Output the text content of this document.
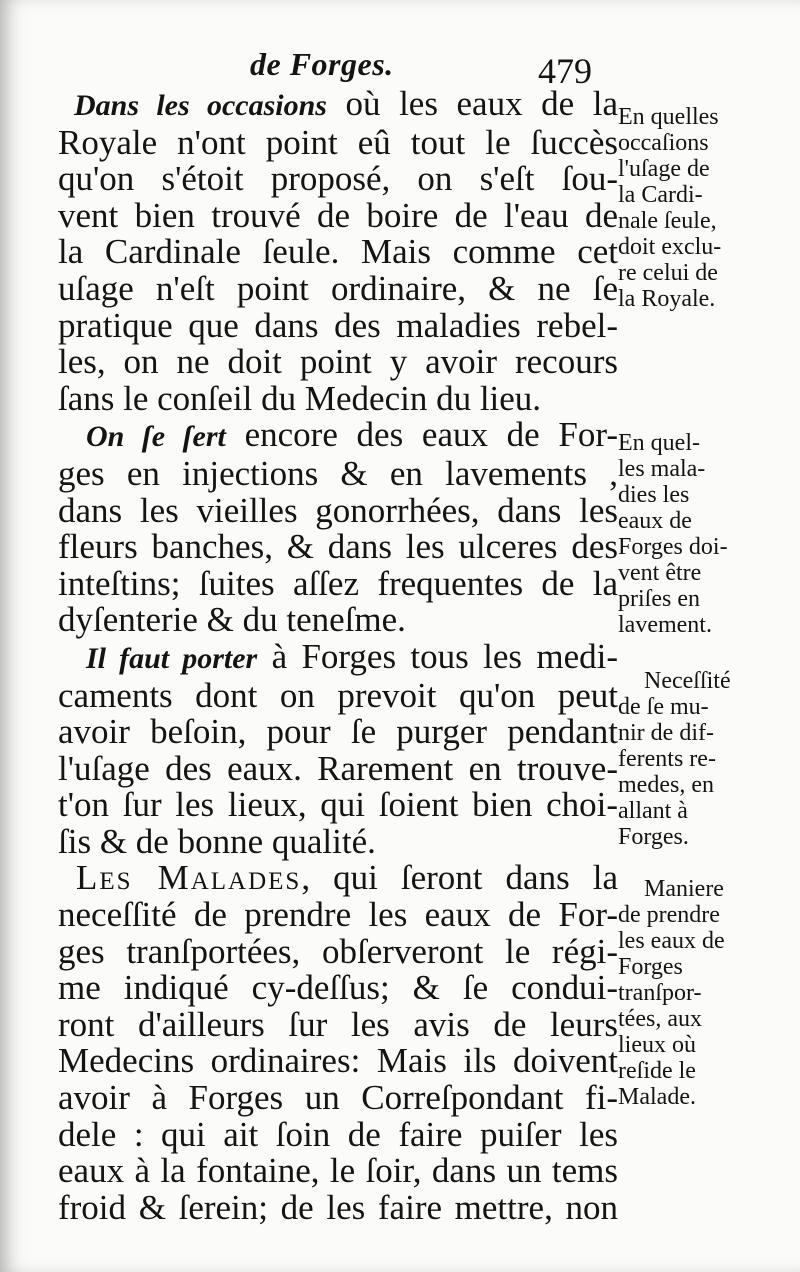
de Forges.	479
Dans les occasions où les eaux de la
Royale n'ont point eû tout le ſuccès
qu'on s'étoit proposé, on s'eſt ſou-
vent bien trouvé de boire de l'eau de
la Cardinale ſeule. Mais comme cet
uſage n'eſt point ordinaire, & ne ſe
pratique que dans des maladies rebel-
les, on ne doit point y avoir recours
ſans le conſeil du Medecin du lieu.
On ſe ſert encore des eaux de For-
ges en injections & en lavements ,
dans les vieilles gonorrhées, dans les
fleurs banches, & dans les ulceres des
inteſtins; ſuites aſſez frequentes de la
dyſenterie & du teneſme.
Il faut porter à Forges tous les medi-
caments dont on prevoit qu'on peut
avoir beſoin, pour ſe purger pendant
l'uſage des eaux. Rarement en trouve-
t'on ſur les lieux, qui ſoient bien choi-
ſis & de bonne qualité.
Les Malades, qui ſeront dans la
neceſſité de prendre les eaux de For-
ges tranſportées, obſerveront le régi-
me indiqué cy-deſſus; & ſe condui-
ront d'ailleurs ſur les avis de leurs
Medecins ordinaires: Mais ils doivent
avoir à Forges un Correſpondant fi-
dele : qui ait ſoin de faire puiſer les
eaux à la fontaine, le ſoir, dans un tems
froid & ſerein; de les faire mettre, non
En quelles
occaſions
l'uſage de
la Cardi-
nale ſeule,
doit exclu-
re celui de
la Royale.
En quel-
les mala-
dies les
eaux de
Forges doi-
vent être
priſes en
lavement.
Neceſſité
de ſe mu-
nir de dif-
ferents re-
medes, en
allant à
Forges.
Maniere
de prendre
les eaux de
Forges
tranſpor-
tées, aux
lieux où
reſide le
Malade.
